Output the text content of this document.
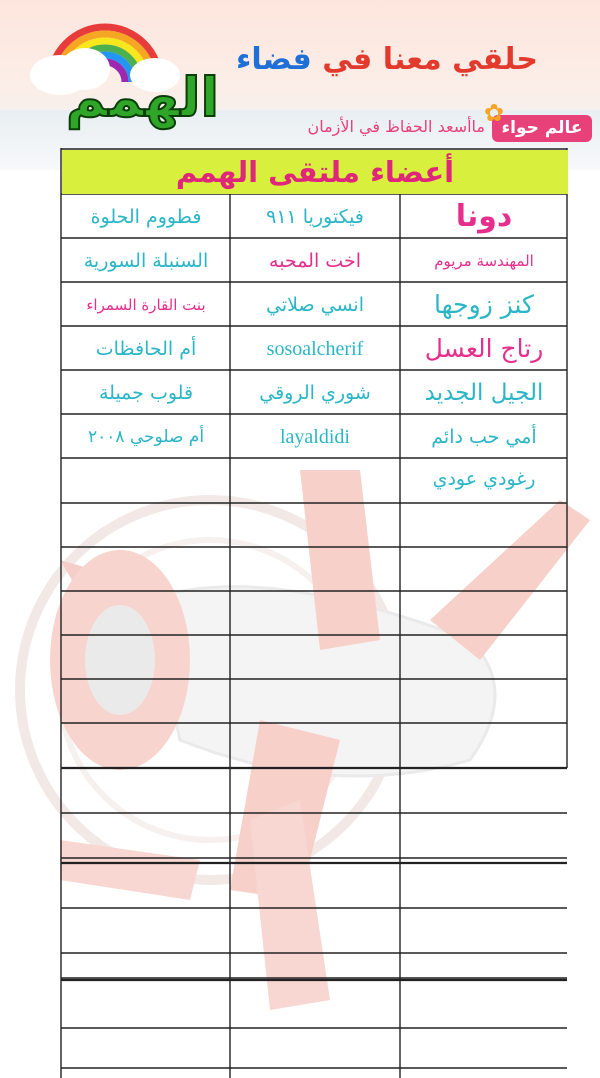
حلقي معنا في فضاء
الهمم	✿
عالم حواء
ماأسعد الحفاظ في الأزمان
أعضاء ملتقى الهمم
دونا
فيكتوريا ٩١١
فطووم الحلوة
المهندسة مريوم
اخت المحبه
السنبلة السورية
كنز زوجها
انسي صلاتي
بنت القارة السمراء
رتاج العسل
sosoalcherif
أم الحافظات
الجيل الجديد
شوري الروقي
قلوب جميلة
أمي حب دائم
layaldidi
أم صلوحي ٢٠٠٨
رغودي عودي
